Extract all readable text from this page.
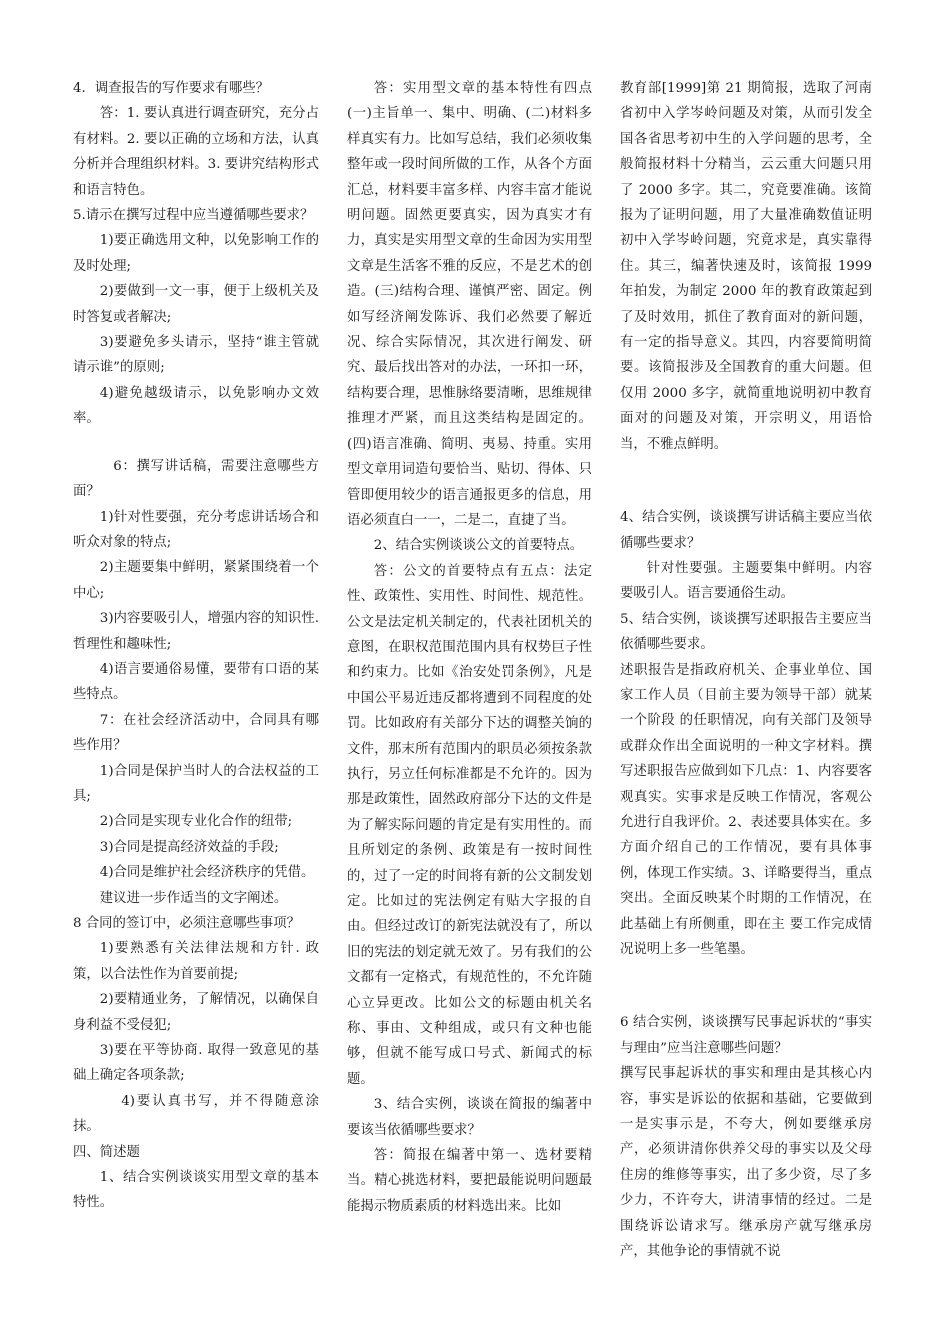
4．调查报告的写作要求有哪些？

答：1. 要认真进行调查研究，充分占有材料。2. 要以正确的立场和方法，认真分析并合理组织材料。3. 要讲究结构形式和语言特色。

5.请示在撰写过程中应当遵循哪些要求？

1)要正确选用文种，以免影响工作的及时处理;

2)要做到一文一事，便于上级机关及时答复或者解决;

3)要避免多头请示，坚持“谁主管就请示谁”的原则;

4)避免越级请示，以免影响办文效率。

6：撰写讲话稿，需要注意哪些方面？

1)针对性要强，充分考虑讲话场合和听众对象的特点;

2)主题要集中鲜明，紧紧围绕着一个中心;

3)内容要吸引人，增强内容的知识性. 哲理性和趣味性;

4)语言要通俗易懂，要带有口语的某些特点。

7：在社会经济活动中，合同具有哪些作用？

1)合同是保护当时人的合法权益的工具;

2)合同是实现专业化合作的纽带;

3)合同是提高经济效益的手段;

4)合同是维护社会经济秩序的凭借。

建议进一步作适当的文字阐述。

8 合同的签订中，必须注意哪些事项？

1)要熟悉有关法律法规和方针. 政策，以合法性作为首要前提;

2)要精通业务，了解情况，以确保自身利益不受侵犯;

3)要在平等协商. 取得一致意见的基础上确定各项条款;

4)要认真书写，并不得随意涂抹。

四、简述题

1、结合实例谈谈实用型文章的基本特性。

答：实用型文章的基本特性有四点(一)主旨单一、集中、明确、(二)材料多样真实有力。比如写总结，我们必须收集整年或一段时间所做的工作，从各个方面汇总，材料要丰富多样、内容丰富才能说明问题。固然更要真实，因为真实才有力，真实是实用型文章的生命因为实用型文章是生活客不雅的反应，不是艺术的创造。(三)结构合理、谨慎严密、固定。例如写经济阐发陈诉、我们必然要了解近况、综合实际情况，其次进行阐发、研究、最后找出答对的办法，一环扣一环，结构要合理，思惟脉络要清晰，思维规律推理才严紧，而且这类结构是固定的。(四)语言准确、简明、夷易、持重。实用型文章用词造句要恰当、贴切、得体、只管即便用较少的语言通报更多的信息，用语必须直白一一，二是二，直捷了当。

2、结合实例谈谈公文的首要特点。

答：公文的首要特点有五点：法定性、政策性、实用性、时间性、规范性。公文是法定机关制定的，代表社团机关的意图，在职权范围范围内具有权势巨子性和约束力。比如《治安处罚条例》，凡是中国公平易近违反都将遭到不同程度的处罚。比如政府有关部分下达的调整关饷的文件，那末所有范围内的职员必须按条款执行，另立任何标准都是不允许的。因为那是政策性，固然政府部分下达的文件是为了解实际问题的肯定是有实用性的。而且所划定的条例、政策是有一按时间性的，过了一定的时间将有新的公文制发划定。比如过的宪法例定有贴大字报的自由。但经过改订的新宪法就没有了，所以旧的宪法的划定就无效了。另有我们的公文都有一定格式，有规范性的，不允许随心立异更改。比如公文的标题由机关名称、事由、文种组成，或只有文种也能够，但就不能写成口号式、新闻式的标题。

3、结合实例，谈谈在简报的编著中要该当依循哪些要求？

答：简报在编著中第一、选材要精当。精心挑选材料，要把最能说明问题最能揭示物质素质的材料选出来。比如

教育部[1999]第 21 期简报，选取了河南省初中入学岑岭问题及对策，从而引发全国各省思考初中生的入学问题的思考，全般简报材料十分精当，云云重大问题只用了 2000 多字。其二，究竟要准确。该简报为了证明问题，用了大量准确数值证明初中入学岑岭问题，究竟求是，真实靠得住。其三，编著快速及时，该简报 1999 年拍发，为制定 2000 年的教育政策起到了及时效用，抓住了教育面对的新问题，有一定的指导意义。其四，内容要简明简要。该简报涉及全国教育的重大问题。但仅用 2000 多字，就简重地说明初中教育面对的问题及对策，开宗明义，用语恰当，不雅点鲜明。

4、结合实例，谈谈撰写讲话稿主要应当依循哪些要求？

针对性要强。主题要集中鲜明。内容要吸引人。语言要通俗生动。

5、结合实例，谈谈撰写述职报告主要应当依循哪些要求。

述职报告是指政府机关、企事业单位、国家工作人员（目前主要为领导干部）就某一个阶段 的任职情况，向有关部门及领导或群众作出全面说明的一种文字材料。撰写述职报告应做到如下几点：1、内容要客观真实。实事求是反映工作情况，客观公允进行自我评价。2、表述要具体实在。多方面介绍自己的工作情况，要有具体事例，体现工作实绩。3、详略要得当，重点突出。全面反映某个时期的工作情况，在此基础上有所侧重，即在主 要工作完成情况说明上多一些笔墨。

6 结合实例，谈谈撰写民事起诉状的“事实与理由”应当注意哪些问题？

撰写民事起诉状的事实和理由是其核心内容，事实是诉讼的依据和基础，它要做到一是实事示是，不夸大，例如要继承房产，必须讲清你供养父母的事实以及父母住房的维修等事实，出了多少资，尽了多少力，不许夸大，讲清事情的经过。二是围绕诉讼请求写。继承房产就写继承房产，其他争论的事情就不说
